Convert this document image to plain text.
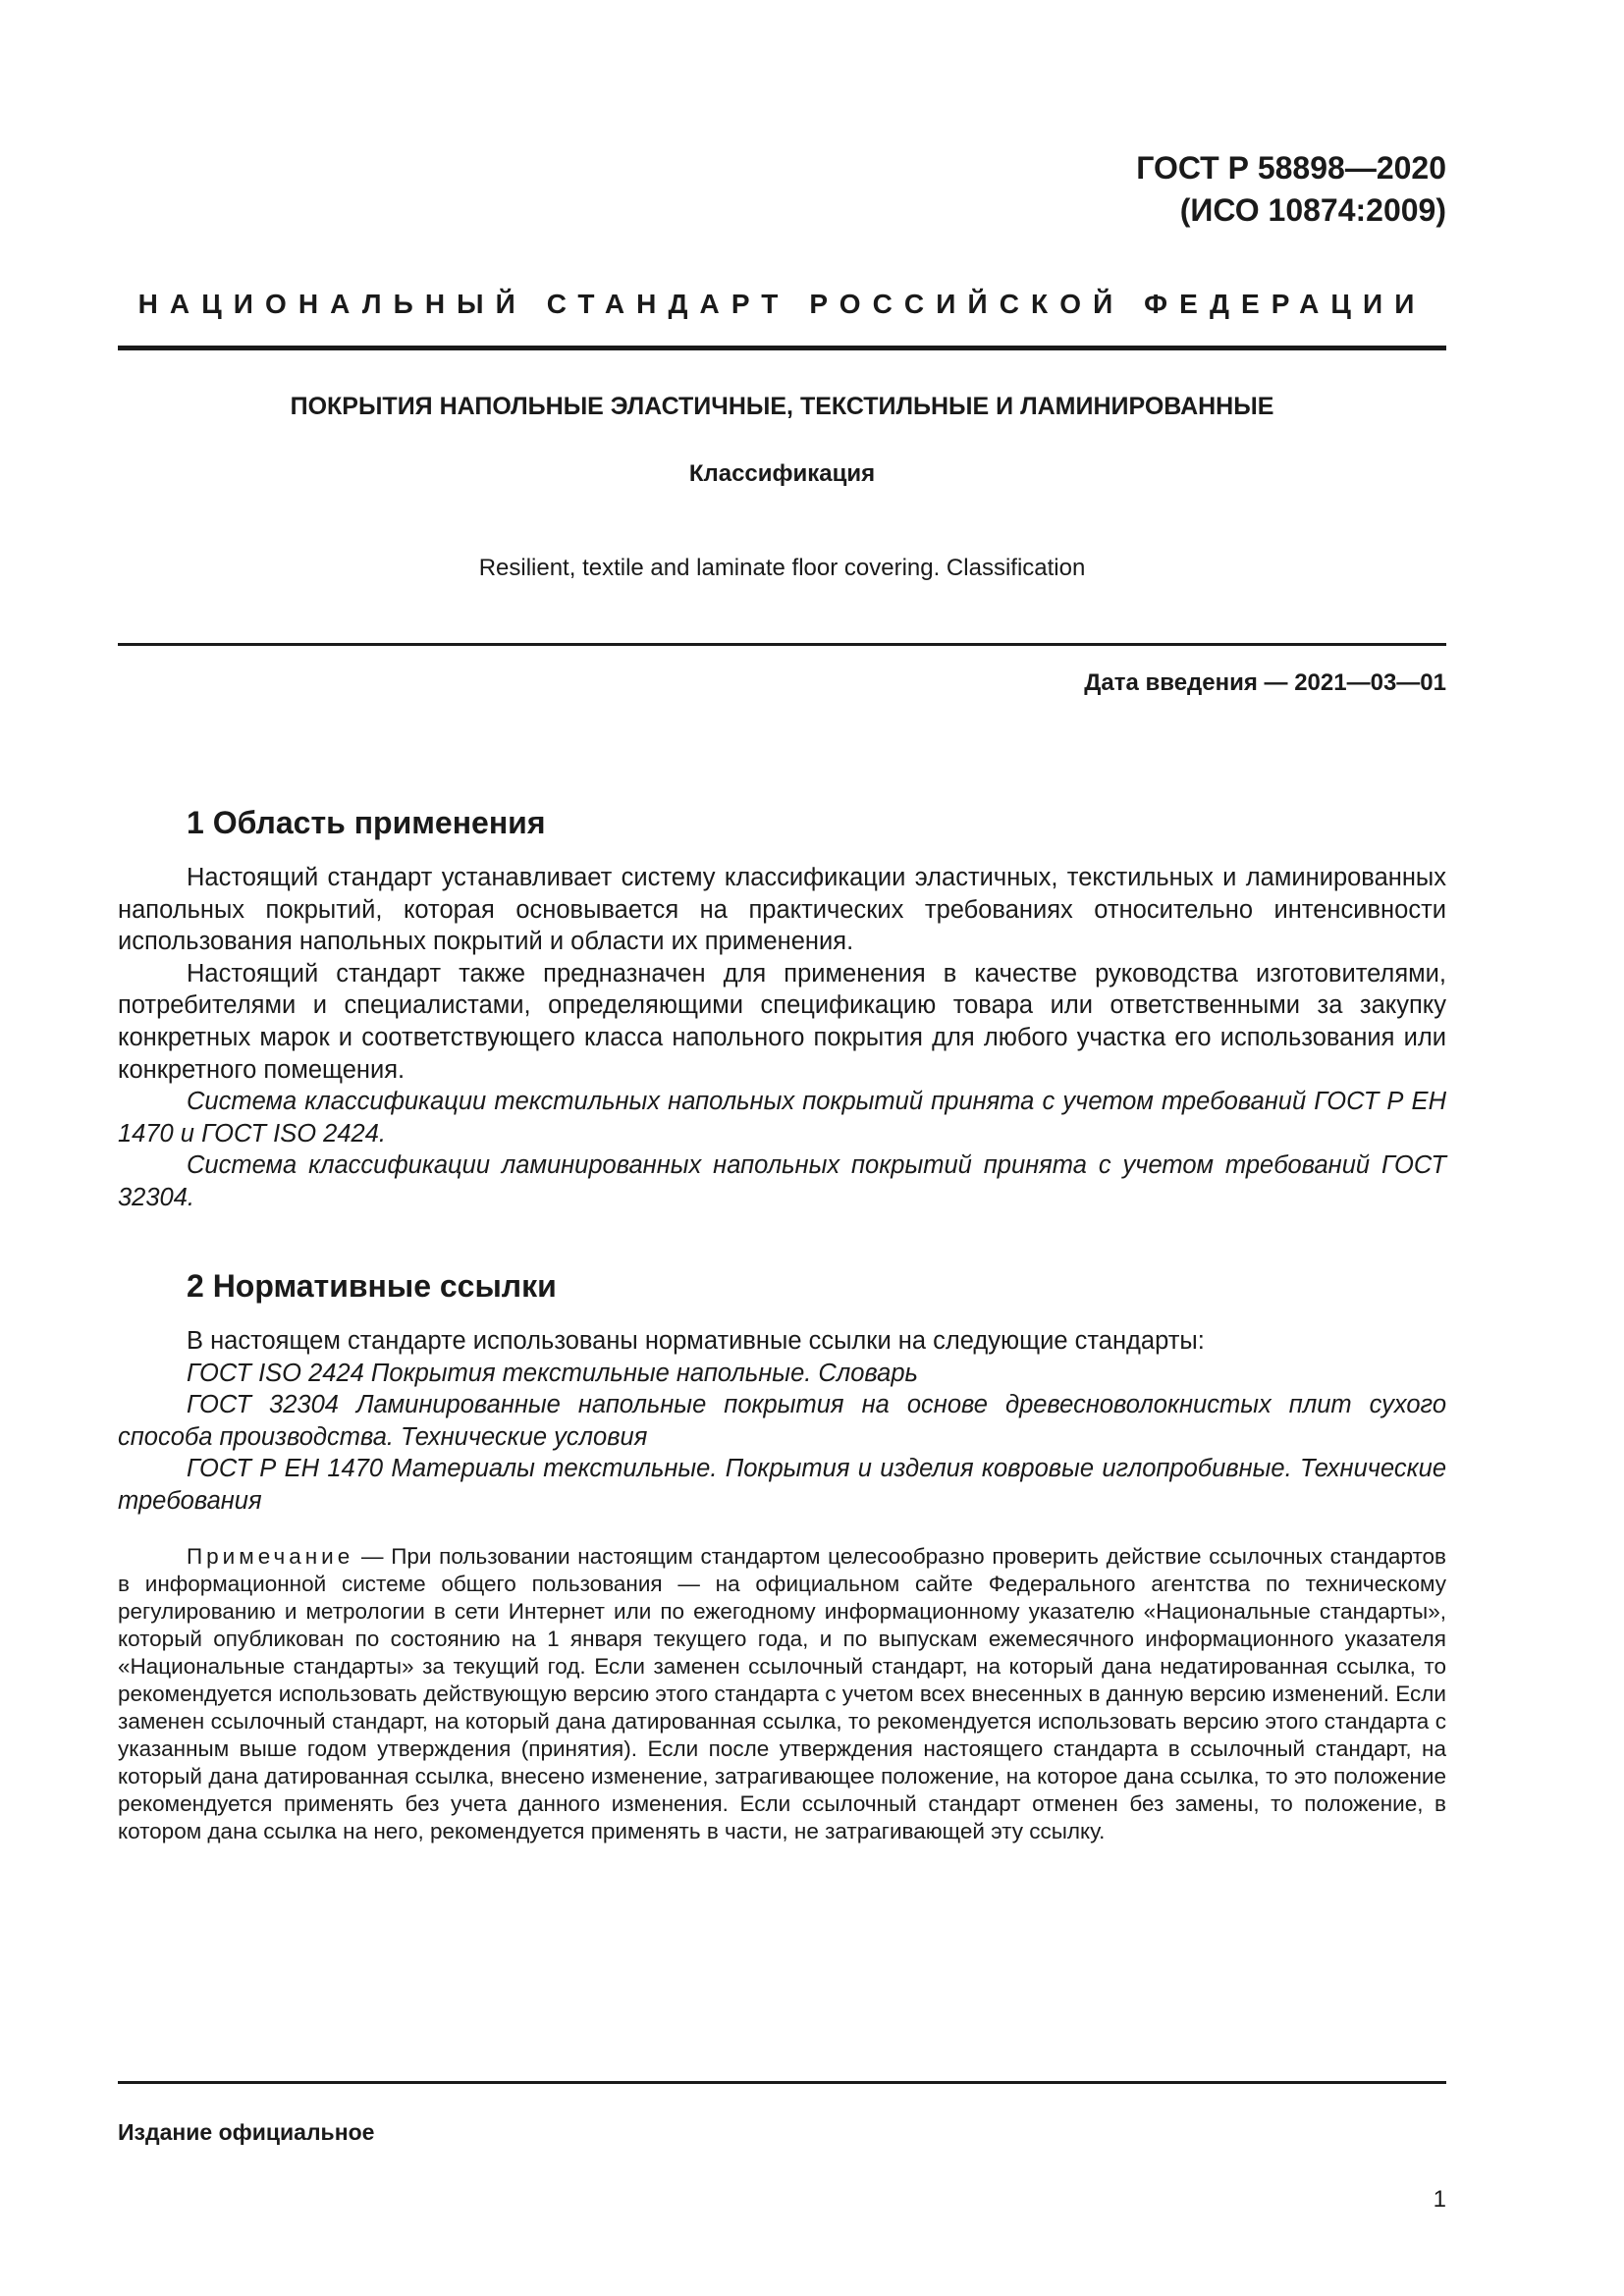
ГОСТ Р 58898—2020
(ИСО 10874:2009)
НАЦИОНАЛЬНЫЙ СТАНДАРТ РОССИЙСКОЙ ФЕДЕРАЦИИ
ПОКРЫТИЯ НАПОЛЬНЫЕ ЭЛАСТИЧНЫЕ, ТЕКСТИЛЬНЫЕ И ЛАМИНИРОВАННЫЕ
Классификация
Resilient, textile and laminate floor covering. Classification
Дата введения — 2021—03—01
1 Область применения

Настоящий стандарт устанавливает систему классификации эластичных, текстильных и ламинированных напольных покрытий, которая основывается на практических требованиях относительно интенсивности использования напольных покрытий и области их применения.

Настоящий стандарт также предназначен для применения в качестве руководства изготовителями, потребителями и специалистами, определяющими спецификацию товара или ответственными за закупку конкретных марок и соответствующего класса напольного покрытия для любого участка его использования или конкретного помещения.

Система классификации текстильных напольных покрытий принята с учетом требований ГОСТ Р ЕН 1470 и ГОСТ ISO 2424.

Система классификации ламинированных напольных покрытий принята с учетом требований ГОСТ 32304.

2 Нормативные ссылки

В настоящем стандарте использованы нормативные ссылки на следующие стандарты:

ГОСТ ISO 2424 Покрытия текстильные напольные. Словарь

ГОСТ 32304 Ламинированные напольные покрытия на основе древесноволокнистых плит сухого способа производства. Технические условия

ГОСТ Р ЕН 1470 Материалы текстильные. Покрытия и изделия ковровые иглопробивные. Технические требования

Примечание — При пользовании настоящим стандартом целесообразно проверить действие ссылочных стандартов в информационной системе общего пользования — на официальном сайте Федерального агентства по техническому регулированию и метрологии в сети Интернет или по ежегодному информационному указателю «Национальные стандарты», который опубликован по состоянию на 1 января текущего года, и по выпускам ежемесячного информационного указателя «Национальные стандарты» за текущий год. Если заменен ссылочный стандарт, на который дана недатированная ссылка, то рекомендуется использовать действующую версию этого стандарта с учетом всех внесенных в данную версию изменений. Если заменен ссылочный стандарт, на который дана датированная ссылка, то рекомендуется использовать версию этого стандарта с указанным выше годом утверждения (принятия). Если после утверждения настоящего стандарта в ссылочный стандарт, на который дана датированная ссылка, внесено изменение, затрагивающее положение, на которое дана ссылка, то это положение рекомендуется применять без учета данного изменения. Если ссылочный стандарт отменен без замены, то положение, в котором дана ссылка на него, рекомендуется применять в части, не затрагивающей эту ссылку.

Издание официальное
1
